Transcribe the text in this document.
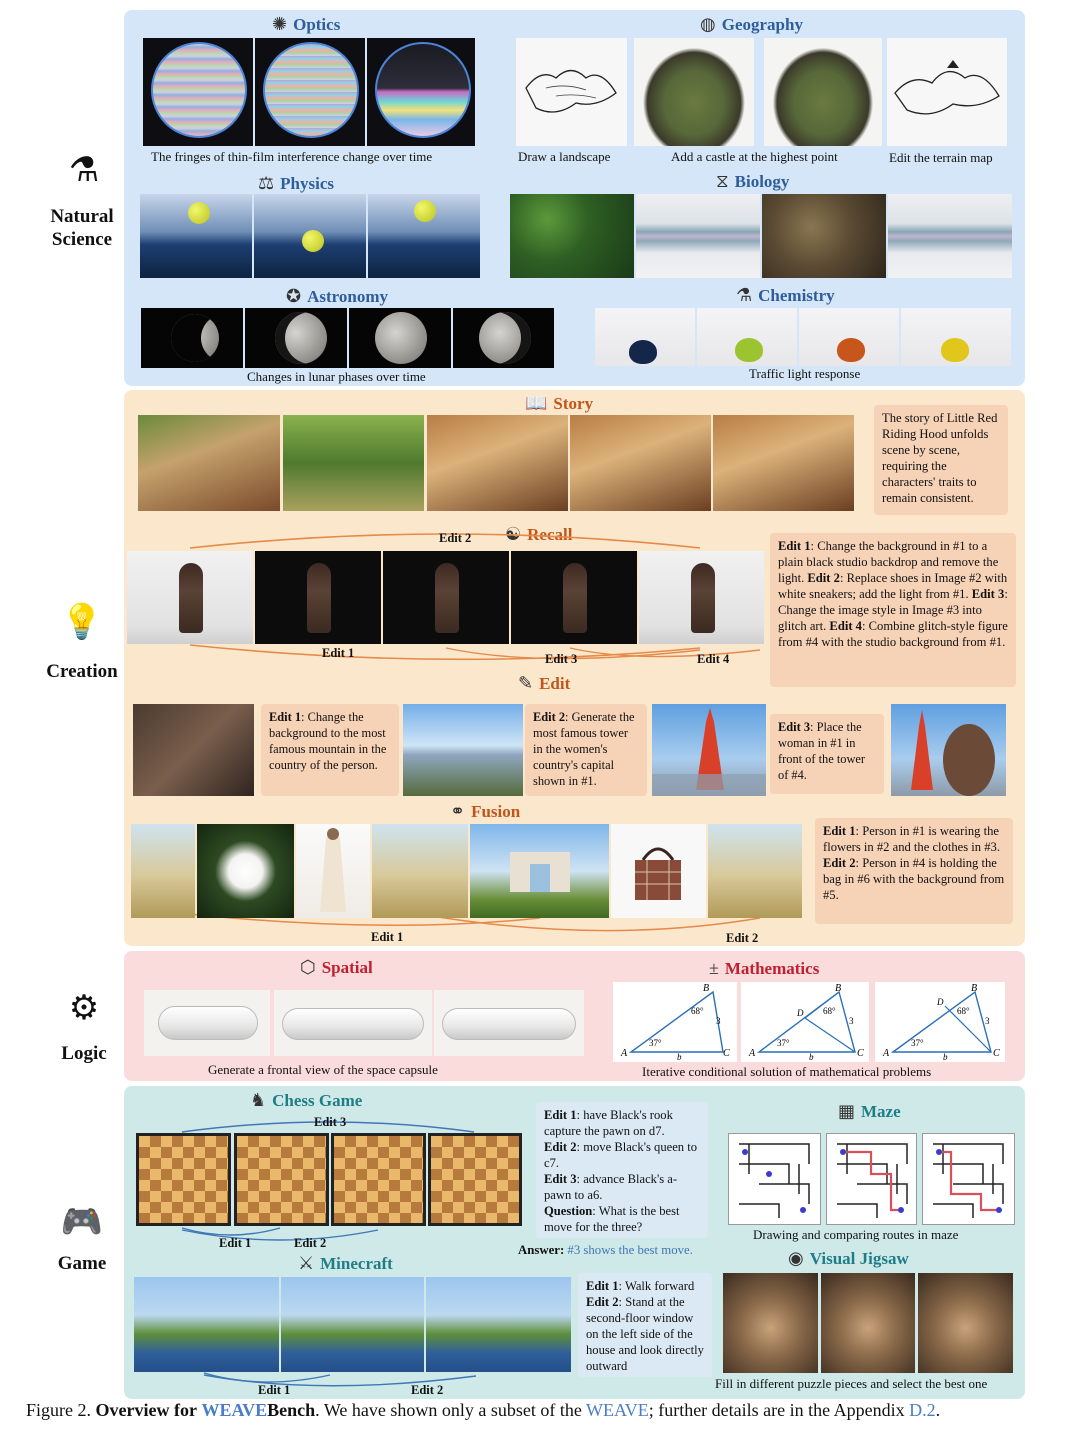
⚗
Natural
Science
💡
Creation
⚙
Logic
🎮
Game
✺ Optics
The fringes of thin-film interference change over time
◍ Geography
Draw a landscape	Add a castle at the highest point	Edit the terrain map
⚖ Physics	⧖ Biology
✪ Astronomy
Changes in lunar phases over time
⚗ Chemistry
Traffic light response
📖 Story
The story of Little Red Riding Hood unfolds scene by scene, requiring the characters' traits to remain consistent.
☯ Recall
Edit 2
Edit 1	Edit 3	Edit 4
Edit 1: Change the background in #1 to a plain black studio backdrop and remove the light. Edit 2: Replace shoes in Image #2 with white sneakers; add the light from #1. Edit 3: Change the image style in Image #3 into glitch art. Edit 4: Combine glitch-style figure from #4 with the studio background from #1.
✎ Edit
Edit 1: Change the background to the most famous mountain in the country of the person.
Edit 2: Generate the most famous tower in the women's country's capital shown in #1.
Edit 3: Place the woman in #1 in front of the tower of #4.
⚭ Fusion
Edit 1	Edit 2
Edit 1: Person in #1 is wearing the flowers in #2 and the clothes in #3.
Edit 2: Person in #4 is holding the bag in #6 with the background from #5.
⬡ Spatial
Generate a frontal view of the space capsule
± Mathematics
A
B
C
37°
68°
3
b	A
B
C
D
37°
68°
3
b	A
B
C
D
37°
68°
3
b
Iterative conditional solution of mathematical problems
♞ Chess Game
Edit 3
Edit 1	Edit 2
Edit 1: have Black's rook capture the pawn on d7.
Edit 2: move Black's queen to c7.
Edit 3: advance Black's a-pawn to a6.
Question: What is the best move for the three?
Answer: #3 shows the best move.
▦ Maze
Drawing and comparing routes in maze
⚔ Minecraft
Edit 1	Edit 2
Edit 1: Walk forward
Edit 2: Stand at the second-floor window on the left side of the house and look directly outward
◉ Visual Jigsaw
Fill in different puzzle pieces and select the best one
Figure 2. Overview for WEAVEBench. We have shown only a subset of the WEAVE; further details are in the Appendix D.2.
